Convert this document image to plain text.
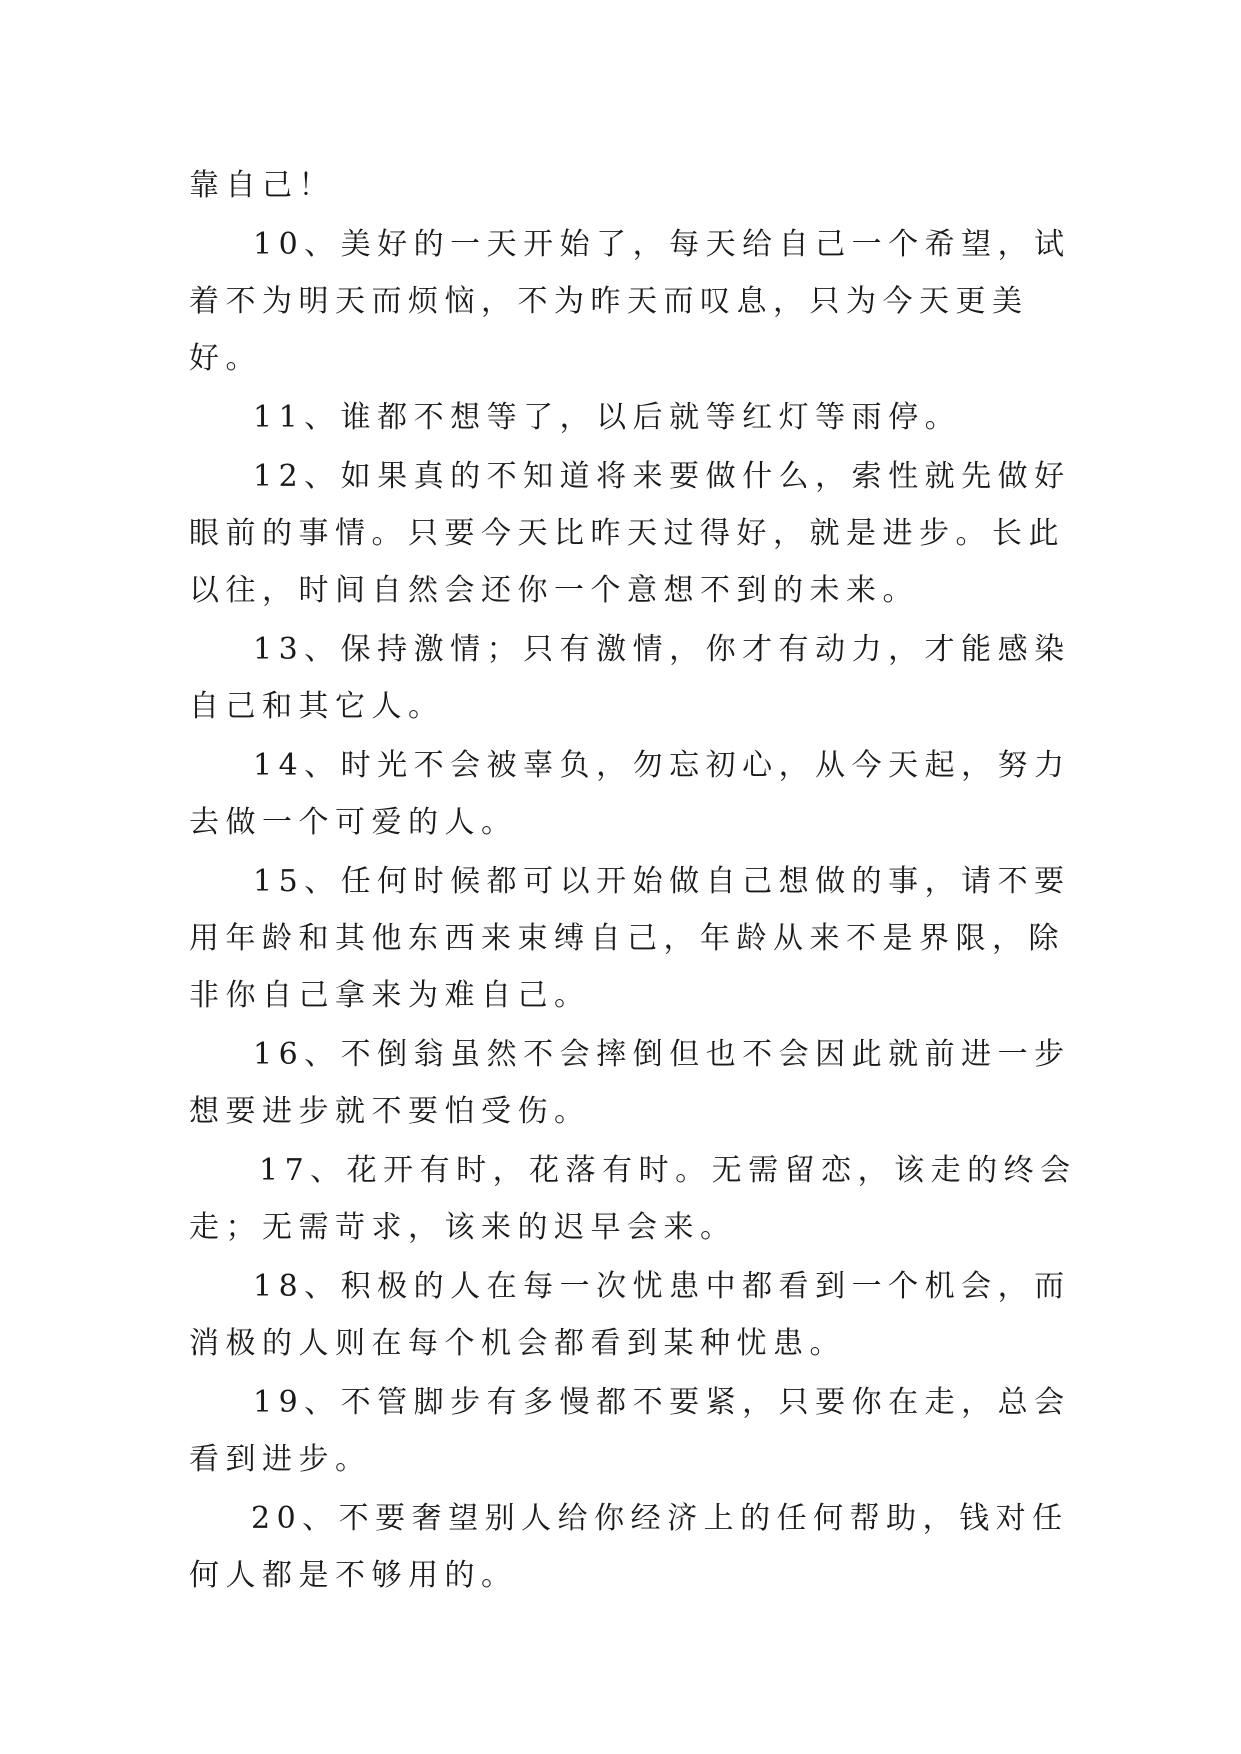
靠自己！

10、美好的一天开始了，每天给自己一个希望，试着不为明天而烦恼，不为昨天而叹息，只为今天更美好。

11、谁都不想等了，以后就等红灯等雨停。

12、如果真的不知道将来要做什么，索性就先做好眼前的事情。只要今天比昨天过得好，就是进步。长此以往，时间自然会还你一个意想不到的未来。

13、保持激情；只有激情，你才有动力，才能感染自己和其它人。

14、时光不会被辜负，勿忘初心，从今天起，努力去做一个可爱的人。

15、任何时候都可以开始做自己想做的事，请不要用年龄和其他东西来束缚自己，年龄从来不是界限，除非你自己拿来为难自己。

16、不倒翁虽然不会摔倒但也不会因此就前进一步想要进步就不要怕受伤。

17、花开有时，花落有时。无需留恋，该走的终会走；无需苛求，该来的迟早会来。

18、积极的人在每一次忧患中都看到一个机会，而消极的人则在每个机会都看到某种忧患。

19、不管脚步有多慢都不要紧，只要你在走，总会看到进步。

20、不要奢望别人给你经济上的任何帮助，钱对任何人都是不够用的。
